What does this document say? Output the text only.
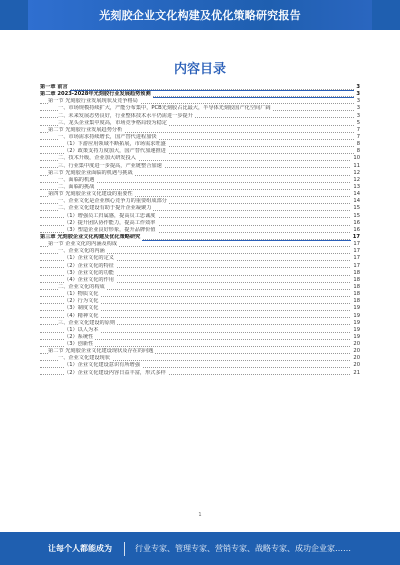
光刻胶企业文化构建及优化策略研究报告
内容目录
第一章 前言	3
第二章 2023-2028年光刻胶行业发展趋势预测	3
第一节 光刻胶行业发展现状及竞争格局	3
一、市场规模持续扩大，产能分布集中，PCB光刻胶占比最大，半导体光刻胶国产化空间广阔	3
二、未来发展态势良好，行业整体技术水平仍需进一步提升	3
三、龙头企业集中度高，市场竞争格局较为稳定	5
第二节 光刻胶行业发展趋势分析	7
一、市场需求持续增长，国产替代进程加快	7
（1）下游应用领域不断拓展，市场需求旺盛	8
（2）政策支持力度加大，国产替代加速推进	8
二、技术升级，企业加大研发投入	10
三、行业集中度进一步提高，产业链整合加速	11
第三节 光刻胶企业面临的机遇与挑战	12
一、面临的机遇	12
二、面临的挑战	13
第四节 光刻胶企业文化建设的重要性	14
一、企业文化是企业核心竞争力的重要组成部分	14
二、企业文化建设有助于提升企业凝聚力	15
（1）增强员工归属感，提高员工忠诚度	15
（2）提升团队协作能力，提高工作效率	16
（3）塑造企业良好形象，提升品牌价值	16
第三章 光刻胶企业文化构建及优化策略研究	17
第一节 企业文化的内涵及构成	17
一、企业文化的内涵	17
（1）企业文化的定义	17
（2）企业文化的特征	17
（3）企业文化的功能	18
（4）企业文化的作用	18
二、企业文化的构成	18
（1）物质文化	18
（2）行为文化	18
（3）制度文化	19
（4）精神文化	19
三、企业文化建设的原则	19
（1）以人为本	19
（2）系统性	19
（3）创新性	20
第二节 光刻胶企业文化建设现状及存在的问题	20
一、企业文化建设现状	20
（1）企业文化建设意识有所增强	20
（2）企业文化建设内容日益丰富，形式多样	21
1
让每个人都能成为	行业专家、管理专家、营销专家、战略专家、成功企业家……
